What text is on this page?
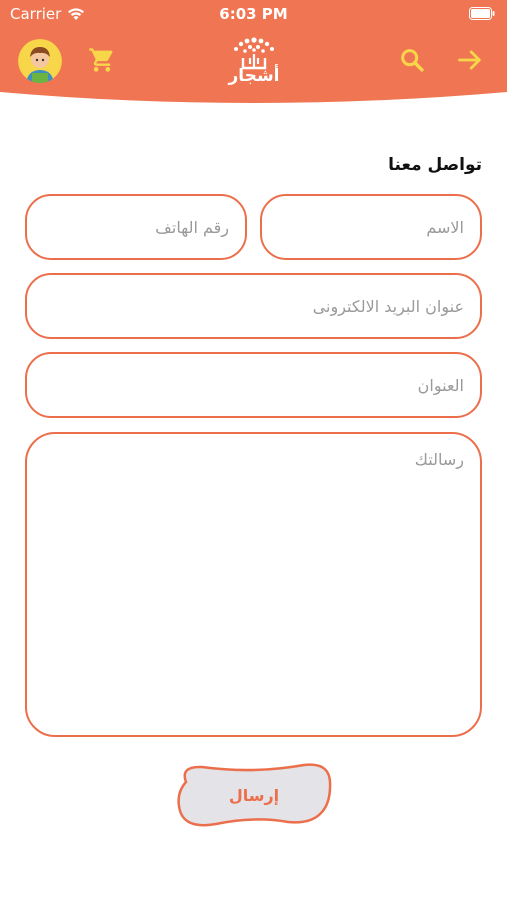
Carrier	6:03 PM
أشجار
تواصل معنا
الاسم
رقم الهاتف
عنوان البريد الالكترونى
العنوان
رسالتك
إرسال
